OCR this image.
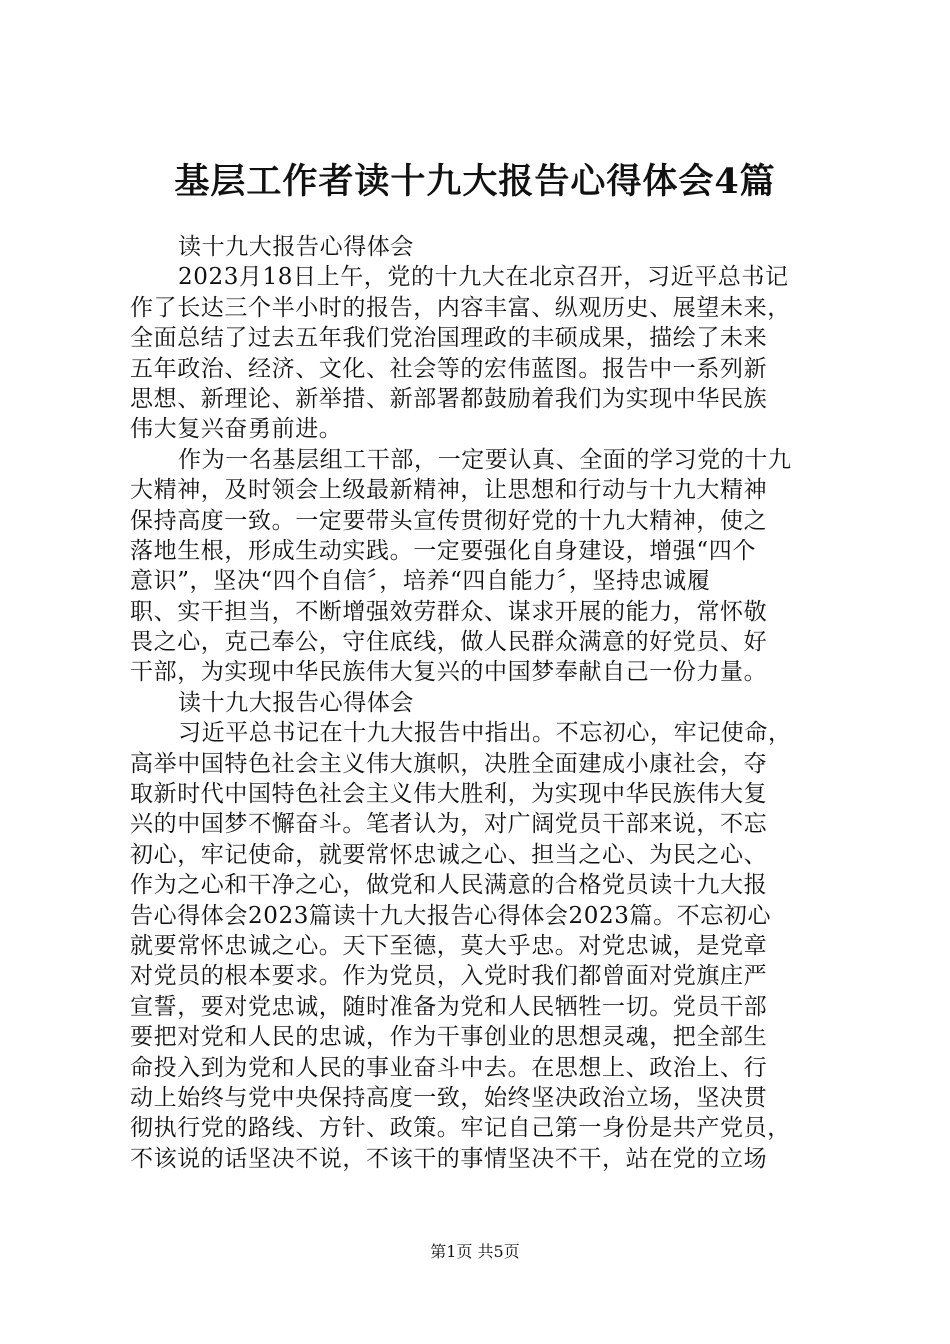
基层工作者读十九大报告心得体会4篇
读十九大报告心得体会
2023月18日上午，党的十九大在北京召开，习近平总书记
作了长达三个半小时的报告，内容丰富、纵观历史、展望未来，
全面总结了过去五年我们党治国理政的丰硕成果，描绘了未来
五年政治、经济、文化、社会等的宏伟蓝图。报告中一系列新
思想、新理论、新举措、新部署都鼓励着我们为实现中华民族
伟大复兴奋勇前进。
作为一名基层组工干部，一定要认真、全面的学习党的十九
大精神，及时领会上级最新精神，让思想和行动与十九大精神
保持高度一致。一定要带头宣传贯彻好党的十九大精神，使之
落地生根，形成生动实践。一定要强化自身建设，增强“四个
意识”，坚决“四个自信〞，培养“四自能力〞，坚持忠诚履
职、实干担当，不断增强效劳群众、谋求开展的能力，常怀敬
畏之心，克己奉公，守住底线，做人民群众满意的好党员、好
干部，为实现中华民族伟大复兴的中国梦奉献自己一份力量。
读十九大报告心得体会
习近平总书记在十九大报告中指出。不忘初心，牢记使命，
高举中国特色社会主义伟大旗帜，决胜全面建成小康社会，夺
取新时代中国特色社会主义伟大胜利，为实现中华民族伟大复
兴的中国梦不懈奋斗。笔者认为，对广阔党员干部来说，不忘
初心，牢记使命，就要常怀忠诚之心、担当之心、为民之心、
作为之心和干净之心，做党和人民满意的合格党员读十九大报
告心得体会2023篇读十九大报告心得体会2023篇。不忘初心
就要常怀忠诚之心。天下至德，莫大乎忠。对党忠诚，是党章
对党员的根本要求。作为党员，入党时我们都曾面对党旗庄严
宣誓，要对党忠诚，随时准备为党和人民牺牲一切。党员干部
要把对党和人民的忠诚，作为干事创业的思想灵魂，把全部生
命投入到为党和人民的事业奋斗中去。在思想上、政治上、行
动上始终与党中央保持高度一致，始终坚决政治立场，坚决贯
彻执行党的路线、方针、政策。牢记自己第一身份是共产党员，
不该说的话坚决不说，不该干的事情坚决不干，站在党的立场
第1页 共5页
